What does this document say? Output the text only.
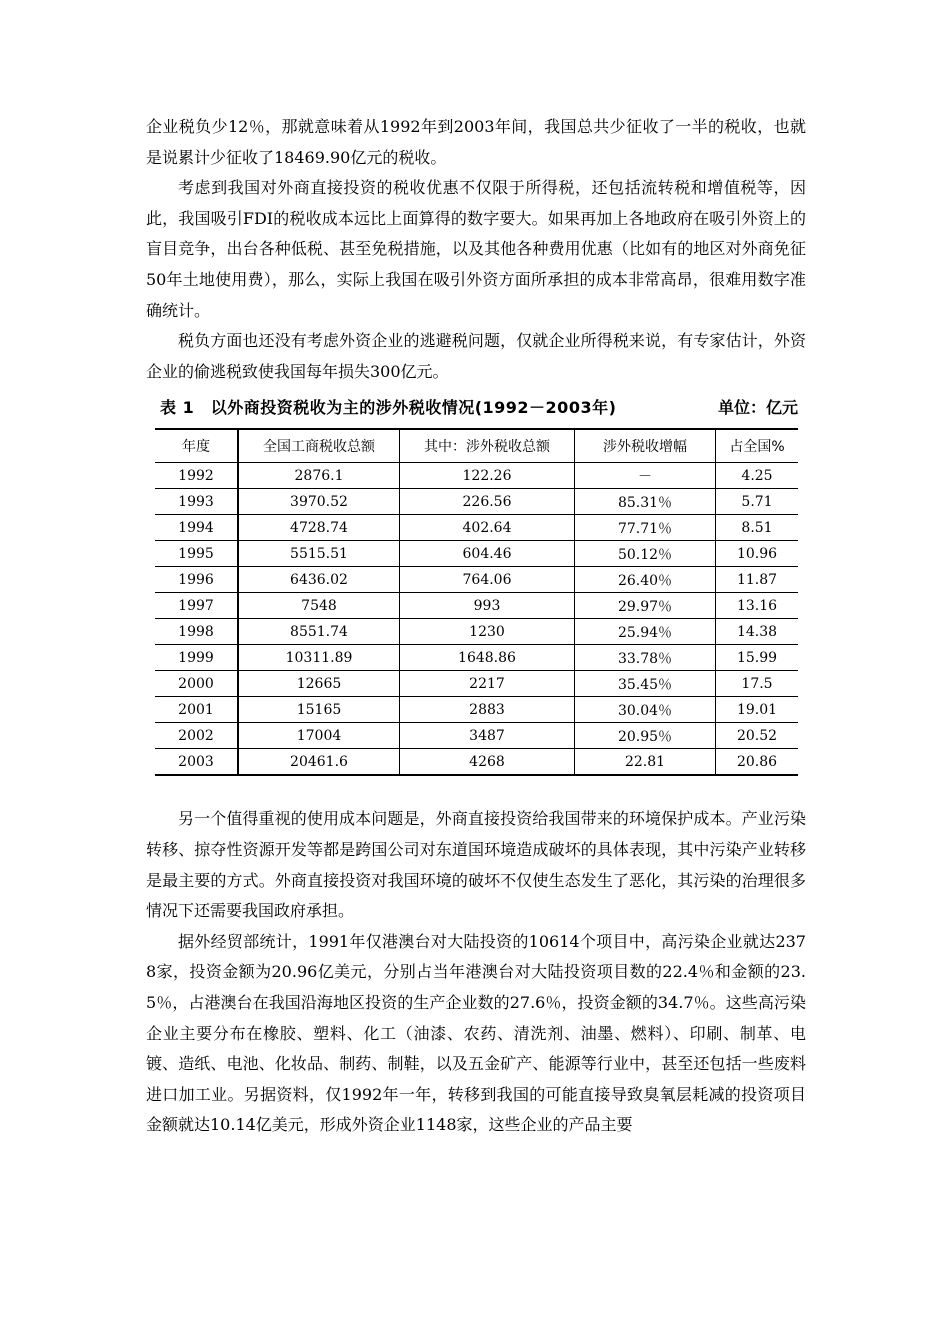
企业税负少12％，那就意味着从1992年到2003年间，我国总共少征收了一半的税收，也就是说累计少征收了18469.90亿元的税收。

考虑到我国对外商直接投资的税收优惠不仅限于所得税，还包括流转税和增值税等，因此，我国吸引FDI的税收成本远比上面算得的数字要大。如果再加上各地政府在吸引外资上的盲目竞争，出台各种低税、甚至免税措施，以及其他各种费用优惠（比如有的地区对外商免征50年土地使用费），那么，实际上我国在吸引外资方面所承担的成本非常高昂，很难用数字准确统计。

税负方面也还没有考虑外资企业的逃避税问题，仅就企业所得税来说，有专家估计，外资企业的偷逃税致使我国每年损失300亿元。

表 1　以外商投资税收为主的涉外税收情况(1992－2003年)	单位：亿元
年度	全国工商税收总额	其中：涉外税收总额	涉外税收增幅	占全国%
1992	2876.1	122.26	－	4.25
1993	3970.52	226.56	85.31％	5.71
1994	4728.74	402.64	77.71％	8.51
1995	5515.51	604.46	50.12％	10.96
1996	6436.02	764.06	26.40％	11.87
1997	7548	993	29.97％	13.16
1998	8551.74	1230	25.94％	14.38
1999	10311.89	1648.86	33.78％	15.99
2000	12665	2217	35.45％	17.5
2001	15165	2883	30.04％	19.01
2002	17004	3487	20.95％	20.52
2003	20461.6	4268	22.81	20.86

另一个值得重视的使用成本问题是，外商直接投资给我国带来的环境保护成本。产业污染转移、掠夺性资源开发等都是跨国公司对东道国环境造成破坏的具体表现，其中污染产业转移是最主要的方式。外商直接投资对我国环境的破坏不仅使生态发生了恶化，其污染的治理很多情况下还需要我国政府承担。

据外经贸部统计，1991年仅港澳台对大陆投资的10614个项目中，高污染企业就达2378家，投资金额为20.96亿美元，分别占当年港澳台对大陆投资项目数的22.4％和金额的23.5％，占港澳台在我国沿海地区投资的生产企业数的27.6％，投资金额的34.7％。这些高污染企业主要分布在橡胶、塑料、化工（油漆、农药、清洗剂、油墨、燃料）、印刷、制革、电镀、造纸、电池、化妆品、制药、制鞋，以及五金矿产、能源等行业中，甚至还包括一些废料进口加工业。另据资料，仅1992年一年，转移到我国的可能直接导致臭氧层耗减的投资项目金额就达10.14亿美元，形成外资企业1148家，这些企业的产品主要
